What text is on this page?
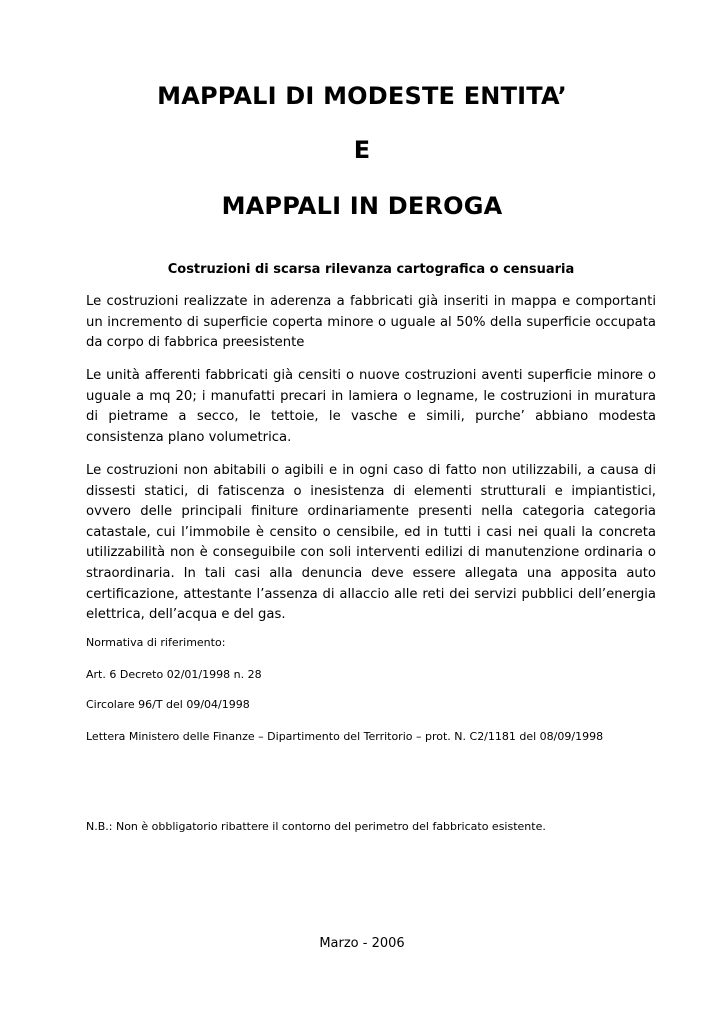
MAPPALI DI MODESTE ENTITA’
E
MAPPALI IN DEROGA

Costruzioni di scarsa rilevanza cartografica o censuaria

Le costruzioni realizzate in aderenza a fabbricati già inseriti in mappa e comportanti un incremento di superficie coperta minore o uguale al 50% della superficie occupata da corpo di fabbrica preesistente

Le unità afferenti fabbricati già censiti o nuove costruzioni aventi superficie minore o uguale a mq 20; i manufatti precari in lamiera o legname, le costruzioni in muratura di pietrame a secco, le tettoie, le vasche e simili, purche’ abbiano modesta consistenza plano volumetrica.

Le costruzioni non abitabili o agibili e in ogni caso di fatto non utilizzabili, a causa di dissesti statici, di fatiscenza o inesistenza di elementi strutturali e impiantistici, ovvero delle principali finiture ordinariamente presenti nella categoria categoria catastale, cui l’immobile è censito o censibile, ed in tutti i casi nei quali la concreta utilizzabilità non è conseguibile con soli interventi edilizi di manutenzione ordinaria o straordinaria. In tali casi alla denuncia deve essere allegata una apposita auto certificazione, attestante l’assenza di allaccio alle reti dei servizi pubblici dell’energia elettrica, dell’acqua e del gas.

Normativa di riferimento:

Art. 6 Decreto 02/01/1998 n. 28

Circolare 96/T del 09/04/1998

Lettera Ministero delle Finanze – Dipartimento del Territorio – prot. N. C2/1181 del 08/09/1998

N.B.: Non è obbligatorio ribattere il contorno del perimetro del fabbricato esistente.

Marzo - 2006
